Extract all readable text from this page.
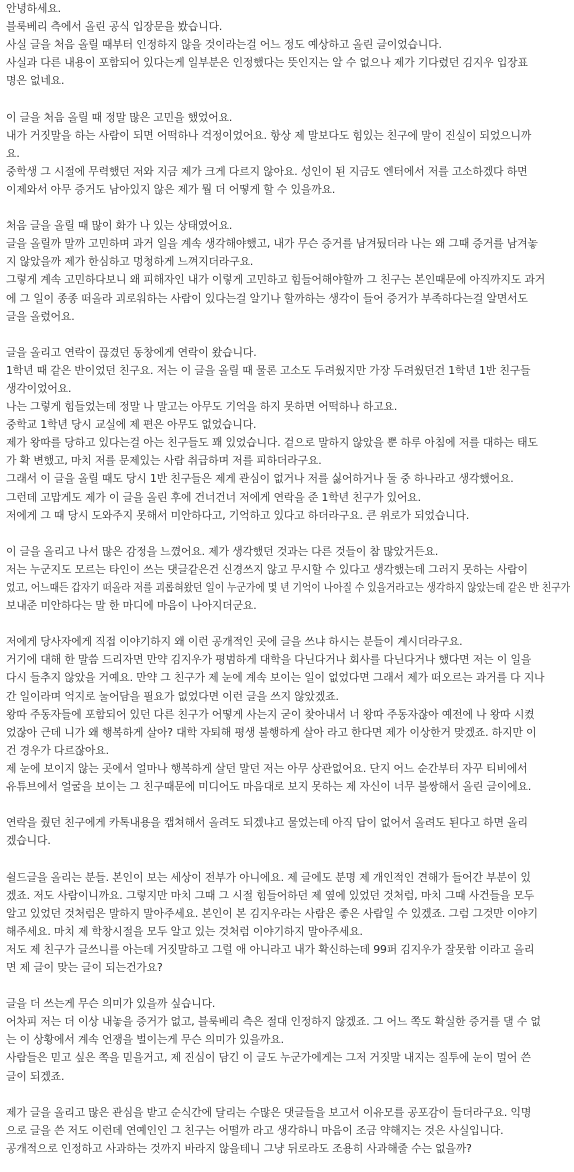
안녕하세요.
블룩베리 측에서 올린 공식 입장문을 봤습니다.
사실 글을 처음 올릴 때부터 인정하지 않을 것이라는걸 어느 정도 예상하고 올린 글이었습니다.
사실과 다른 내용이 포함되어 있다는게 일부분은 인정했다는 뜻인지는 알 수 없으나 제가 기다렸던 김지우 입장표
명은 없네요.
이 글을 처음 올릴 때 정말 많은 고민을 했었어요.
내가 거짓말을 하는 사람이 되면 어떡하나 걱정이었어요. 항상 제 말보다도 힘있는 친구에 말이 진실이 되었으니까
요.
중학생 그 시절에 무력했던 저와 지금 제가 크게 다르지 않아요. 성인이 된 지금도 엔터에서 저를 고소하겠다 하면
이제와서 아무 증거도 남아있지 않은 제가 뭘 더 어떻게 할 수 있을까요.
처음 글을 올릴 때 많이 화가 나 있는 상태였어요.
글을 올릴까 말까 고민하며 과거 일을 계속 생각해야했고, 내가 무슨 증거를 남겨뒀더라 나는 왜 그때 증거를 남겨놓
지 않았을까 제가 한심하고 멍청하게 느껴지더라구요.
그렇게 계속 고민하다보니 왜 피해자인 내가 이렇게 고민하고 힘들어해야할까 그 친구는 본인때문에 아직까지도 과거
에 그 일이 종종 떠올라 괴로워하는 사람이 있다는걸 알기나 할까하는 생각이 들어 증거가 부족하다는걸 알면서도
글을 올렸어요.
글을 올리고 연락이 끊겼던 동창에게 연락이 왔습니다.
1학년 때 같은 반이었던 친구요. 저는 이 글을 올릴 때 물론 고소도 두려웠지만 가장 두려웠던건 1학년 1반 친구들
생각이었어요.
나는 그렇게 힘들었는데 정말 나 말고는 아무도 기억을 하지 못하면 어떡하나 하고요.
중학교 1학년 당시 교실에 제 편은 아무도 없었습니다.
제가 왕따를 당하고 있다는걸 아는 친구들도 꽤 있었습니다. 겉으로 말하지 않았을 뿐 하루 아침에 저를 대하는 태도
가 확 변했고, 마치 저를 문제있는 사람 취급하며 저를 피하더라구요.
그래서 이 글을 올릴 때도 당시 1반 친구들은 제게 관심이 없거나 저를 싫어하거나 둘 중 하나라고 생각했어요.
그런데 고맙게도 제가 이 글을 올린 후에 건너건너 저에게 연락을 준 1학년 친구가 있어요.
저에게 그 때 당시 도와주지 못해서 미안하다고, 기억하고 있다고 하더라구요. 큰 위로가 되었습니다.
이 글을 올리고 나서 많은 감정을 느꼈어요. 제가 생각했던 것과는 다른 것들이 참 많았거든요.
저는 누군지도 모르는 타인이 쓰는 댓글같은건 신경쓰지 않고 무시할 수 있다고 생각했는데 그러지 못하는 사람이
었고, 어느때든 갑자기 떠올라 저를 괴롭혀왔던 일이 누군가에 몇 년 기억이 나아질 수 있을거라고는 생각하지 않았는데 같은 반 친구가
보내준 미안하다는 말 한 마디에 마음이 나아지더군요.
저에게 당사자에게 직접 이야기하지 왜 이런 공개적인 곳에 글을 쓰냐 하시는 분들이 계시더라구요.
거기에 대해 한 말씀 드리자면 만약 김지우가 평범하게 대학을 다닌다거나 회사를 다닌다거나 했다면 저는 이 일을
다시 들추지 않았을 거예요. 만약 그 친구가 제 눈에 계속 보이는 일이 없었다면 그래서 제가 떠오르는 과거를 다 지나
간 일이라며 억지로 눌어담을 필요가 없었다면 이런 글을 쓰지 않았겠죠.
왕따 주동자들에 포함되어 있던 다른 친구가 어떻게 사는지 굳이 찾아내서 너 왕따 주동자잖아 예전에 나 왕따 시켰
었잖아 근데 니가 왜 행복하게 살아? 대학 자퇴해 평생 불행하게 살아 라고 한다면 제가 이상한거 맞겠죠. 하지만 이
건 경우가 다르잖아요.
제 눈에 보이지 않는 곳에서 얼마나 행복하게 살던 말던 저는 아무 상관없어요. 단지 어느 순간부터 자꾸 티비에서
유튜브에서 얼굴을 보이는 그 친구때문에 미디어도 마음대로 보지 못하는 제 자신이 너무 불쌍해서 올린 글이에요.
연락을 줬던 친구에게 카톡내용을 캡쳐해서 올려도 되겠냐고 물었는데 아직 답이 없어서 올려도 된다고 하면 올리
겠습니다.
쉴드글을 올리는 분들. 본인이 보는 세상이 전부가 아니에요. 제 글에도 분명 제 개인적인 견해가 들어간 부분이 있
겠죠. 저도 사람이니까요. 그렇지만 마치 그때 그 시절 힘들어하던 제 옆에 있었던 것처럼, 마치 그때 사건들을 모두
알고 있었던 것처럼은 말하지 말아주세요. 본인이 본 김지우라는 사람은 좋은 사람일 수 있겠죠. 그럼 그것만 이야기
해주세요. 마치 제 학창시절을 모두 알고 있는 것처럼 이야기하지 말아주세요.
저도 제 친구가 글쓰니를 아는데 거짓말하고 그럴 애 아니라고 내가 확신하는데 99퍼 김지우가 잘못함 이라고 올리
면 제 글이 맞는 글이 되는건가요?
글을 더 쓰는게 무슨 의미가 있을까 싶습니다.
어차피 저는 더 이상 내놓을 증거가 없고, 블룩베리 측은 절대 인정하지 않겠죠. 그 어느 쪽도 확실한 증거를 댈 수 없
는 이 상황에서 계속 언쟁을 벌이는게 무슨 의미가 있을까요.
사람들은 믿고 싶은 쪽을 믿을거고, 제 진심이 담긴 이 글도 누군가에게는 그저 거짓말 내지는 질투에 눈이 멀어 쓴
글이 되겠죠.
제가 글을 올리고 많은 관심을 받고 순식간에 달리는 수많은 댓글들을 보고서 이유모를 공포감이 들더라구요. 익명
으로 글을 쓴 저도 이런데 연예인인 그 친구는 어떨까 라고 생각하니 마음이 조금 약해지는 것은 사실입니다.
공개적으로 인정하고 사과하는 것까지 바라지 않을테니 그냥 뒤로라도 조용히 사과해줄 수는 없을까?
